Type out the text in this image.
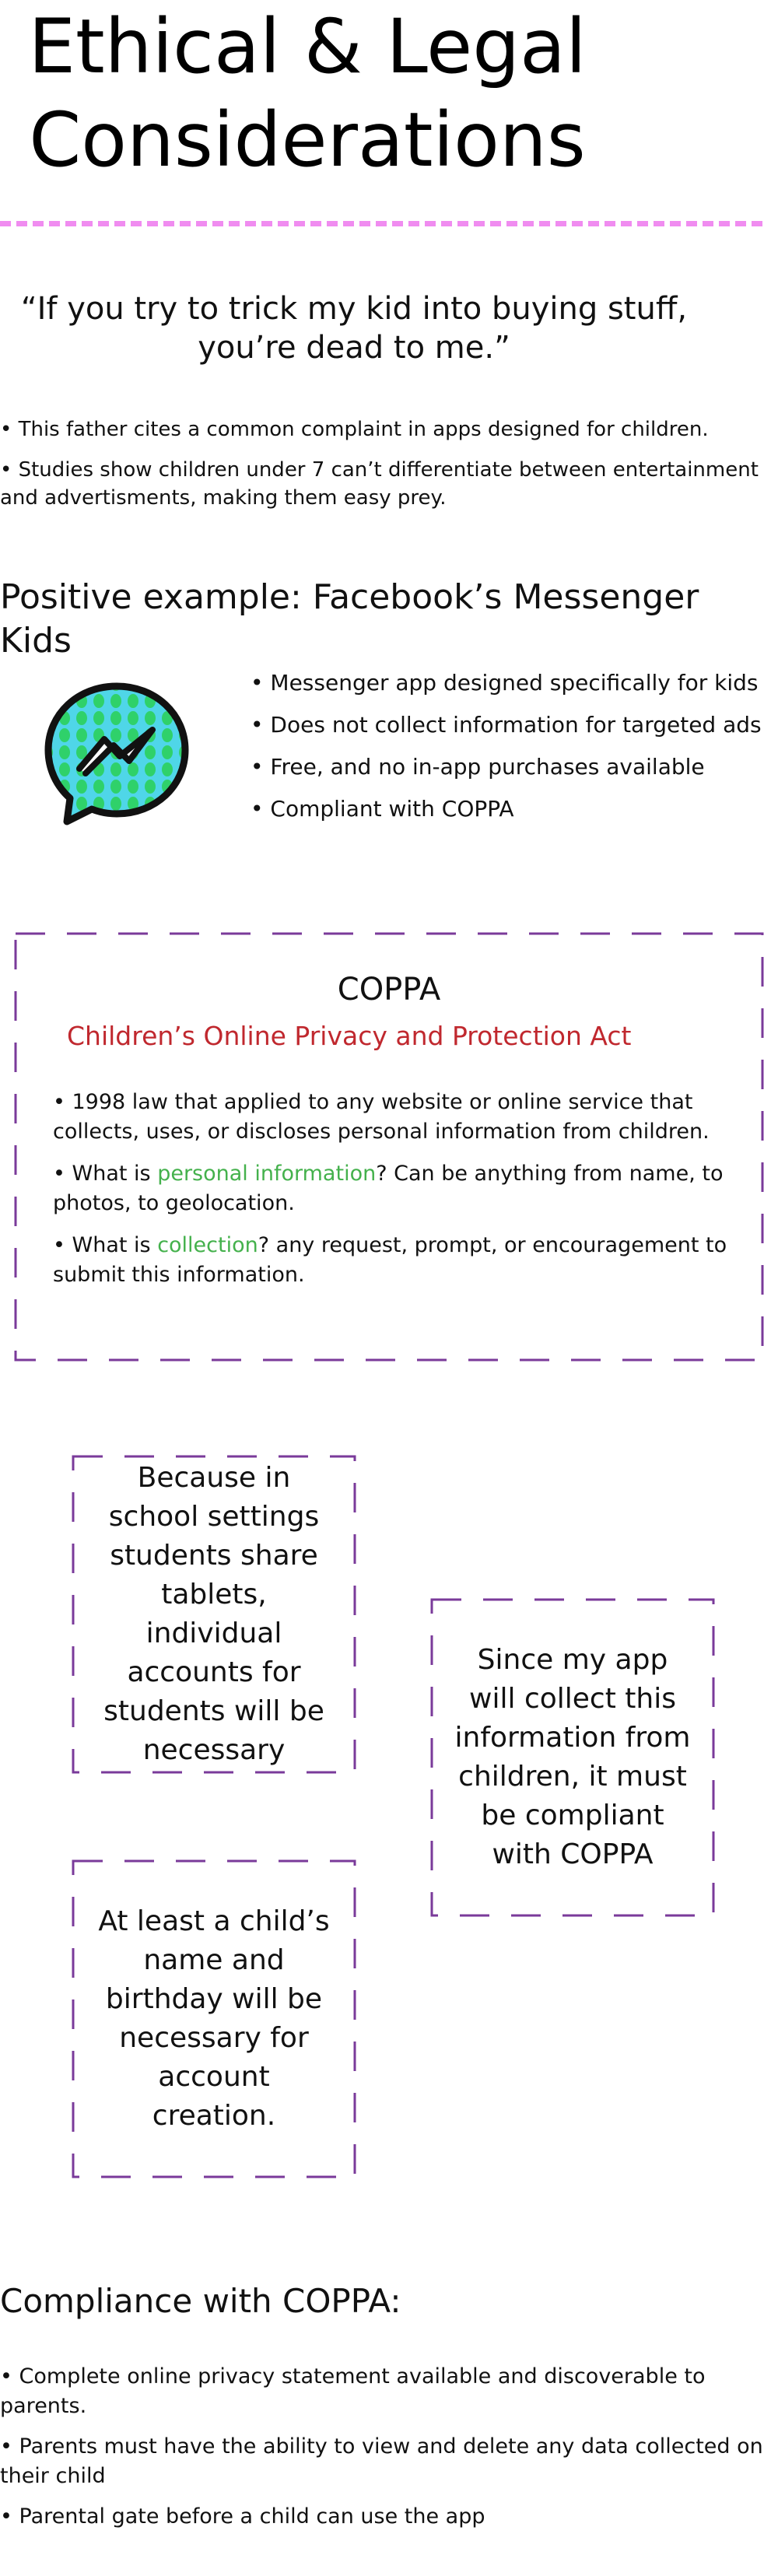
Ethical & Legal
Considerations
“If you try to trick my kid into buying stuff,
you’re dead to me.”

• This father cites a common complaint in apps designed for children.

• Studies show children under 7 can’t differentiate between entertainment and advertisments, making them easy prey.

Positive example: Facebook’s Messenger Kids

• Messenger app designed specifically for kids

• Does not collect information for targeted ads

• Free, and no in-app purchases available

• Compliant with COPPA

COPPA
Children’s Online Privacy and Protection Act

• 1998 law that applied to any website or online service that collects, uses, or discloses personal information from children.

• What is personal information? Can be anything from name, to photos, to geolocation.

• What is collection? any request, prompt, or encouragement to submit this information.

Because in school settings students share tablets, individual accounts for students will be necessary
Since my app will collect this information from children, it must be compliant with COPPA
At least a child’s name and birthday will be necessary for account creation.
Compliance with COPPA:

• Complete online privacy statement available and discoverable to parents.

• Parents must have the ability to view and delete any data collected on their child

• Parental gate before a child can use the app
